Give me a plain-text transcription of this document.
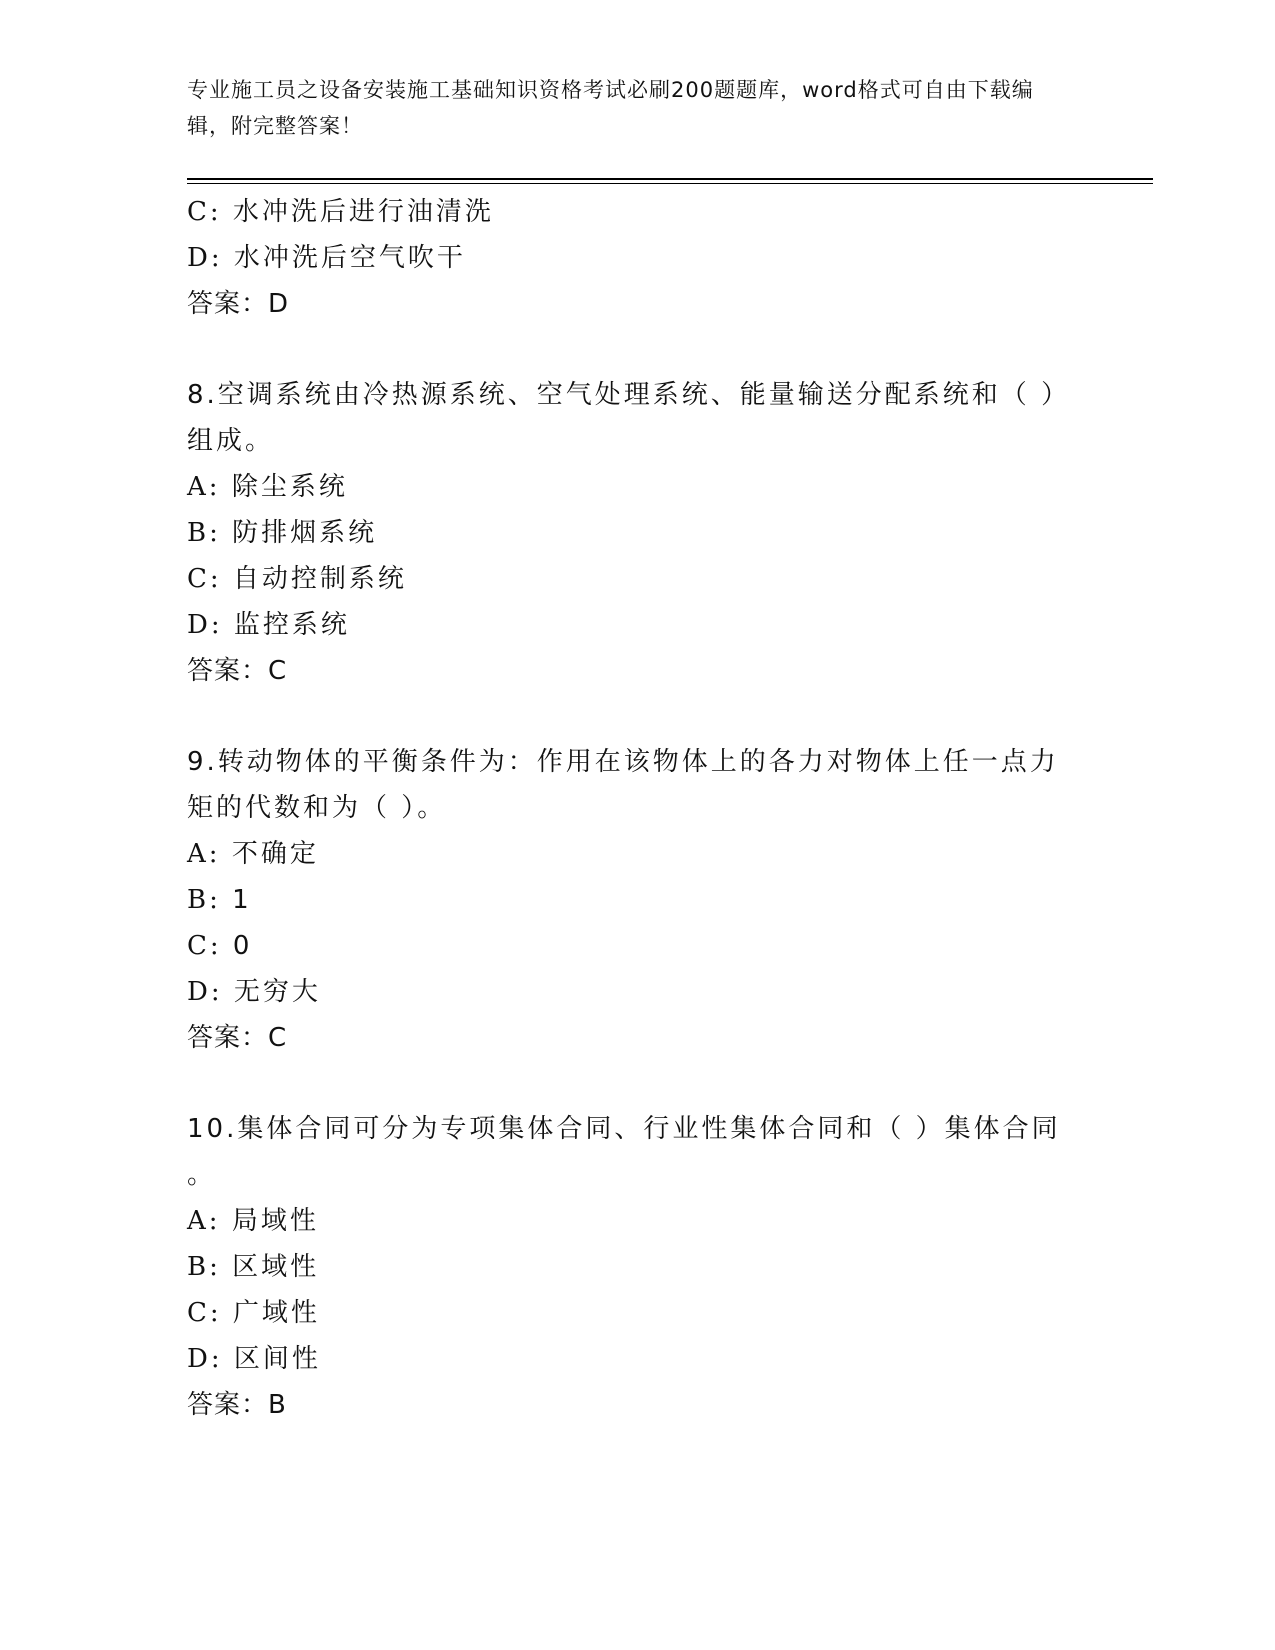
专业施工员之设备安装施工基础知识资格考试必刷200题题库，word格式可自由下载编辑，附完整答案！
C: 水冲洗后进行油清洗
D: 水冲洗后空气吹干
答案：D
8.空调系统由冷热源系统、空气处理系统、能量输送分配系统和（ ）
组成。
A: 除尘系统
B: 防排烟系统
C: 自动控制系统
D: 监控系统
答案：C
9.转动物体的平衡条件为：作用在该物体上的各力对物体上任一点力
矩的代数和为（ ）。
A: 不确定
B: 1
C: 0
D: 无穷大
答案：C
10.集体合同可分为专项集体合同、行业性集体合同和（ ）集体合同
。
A: 局域性
B: 区域性
C: 广域性
D: 区间性
答案：B
